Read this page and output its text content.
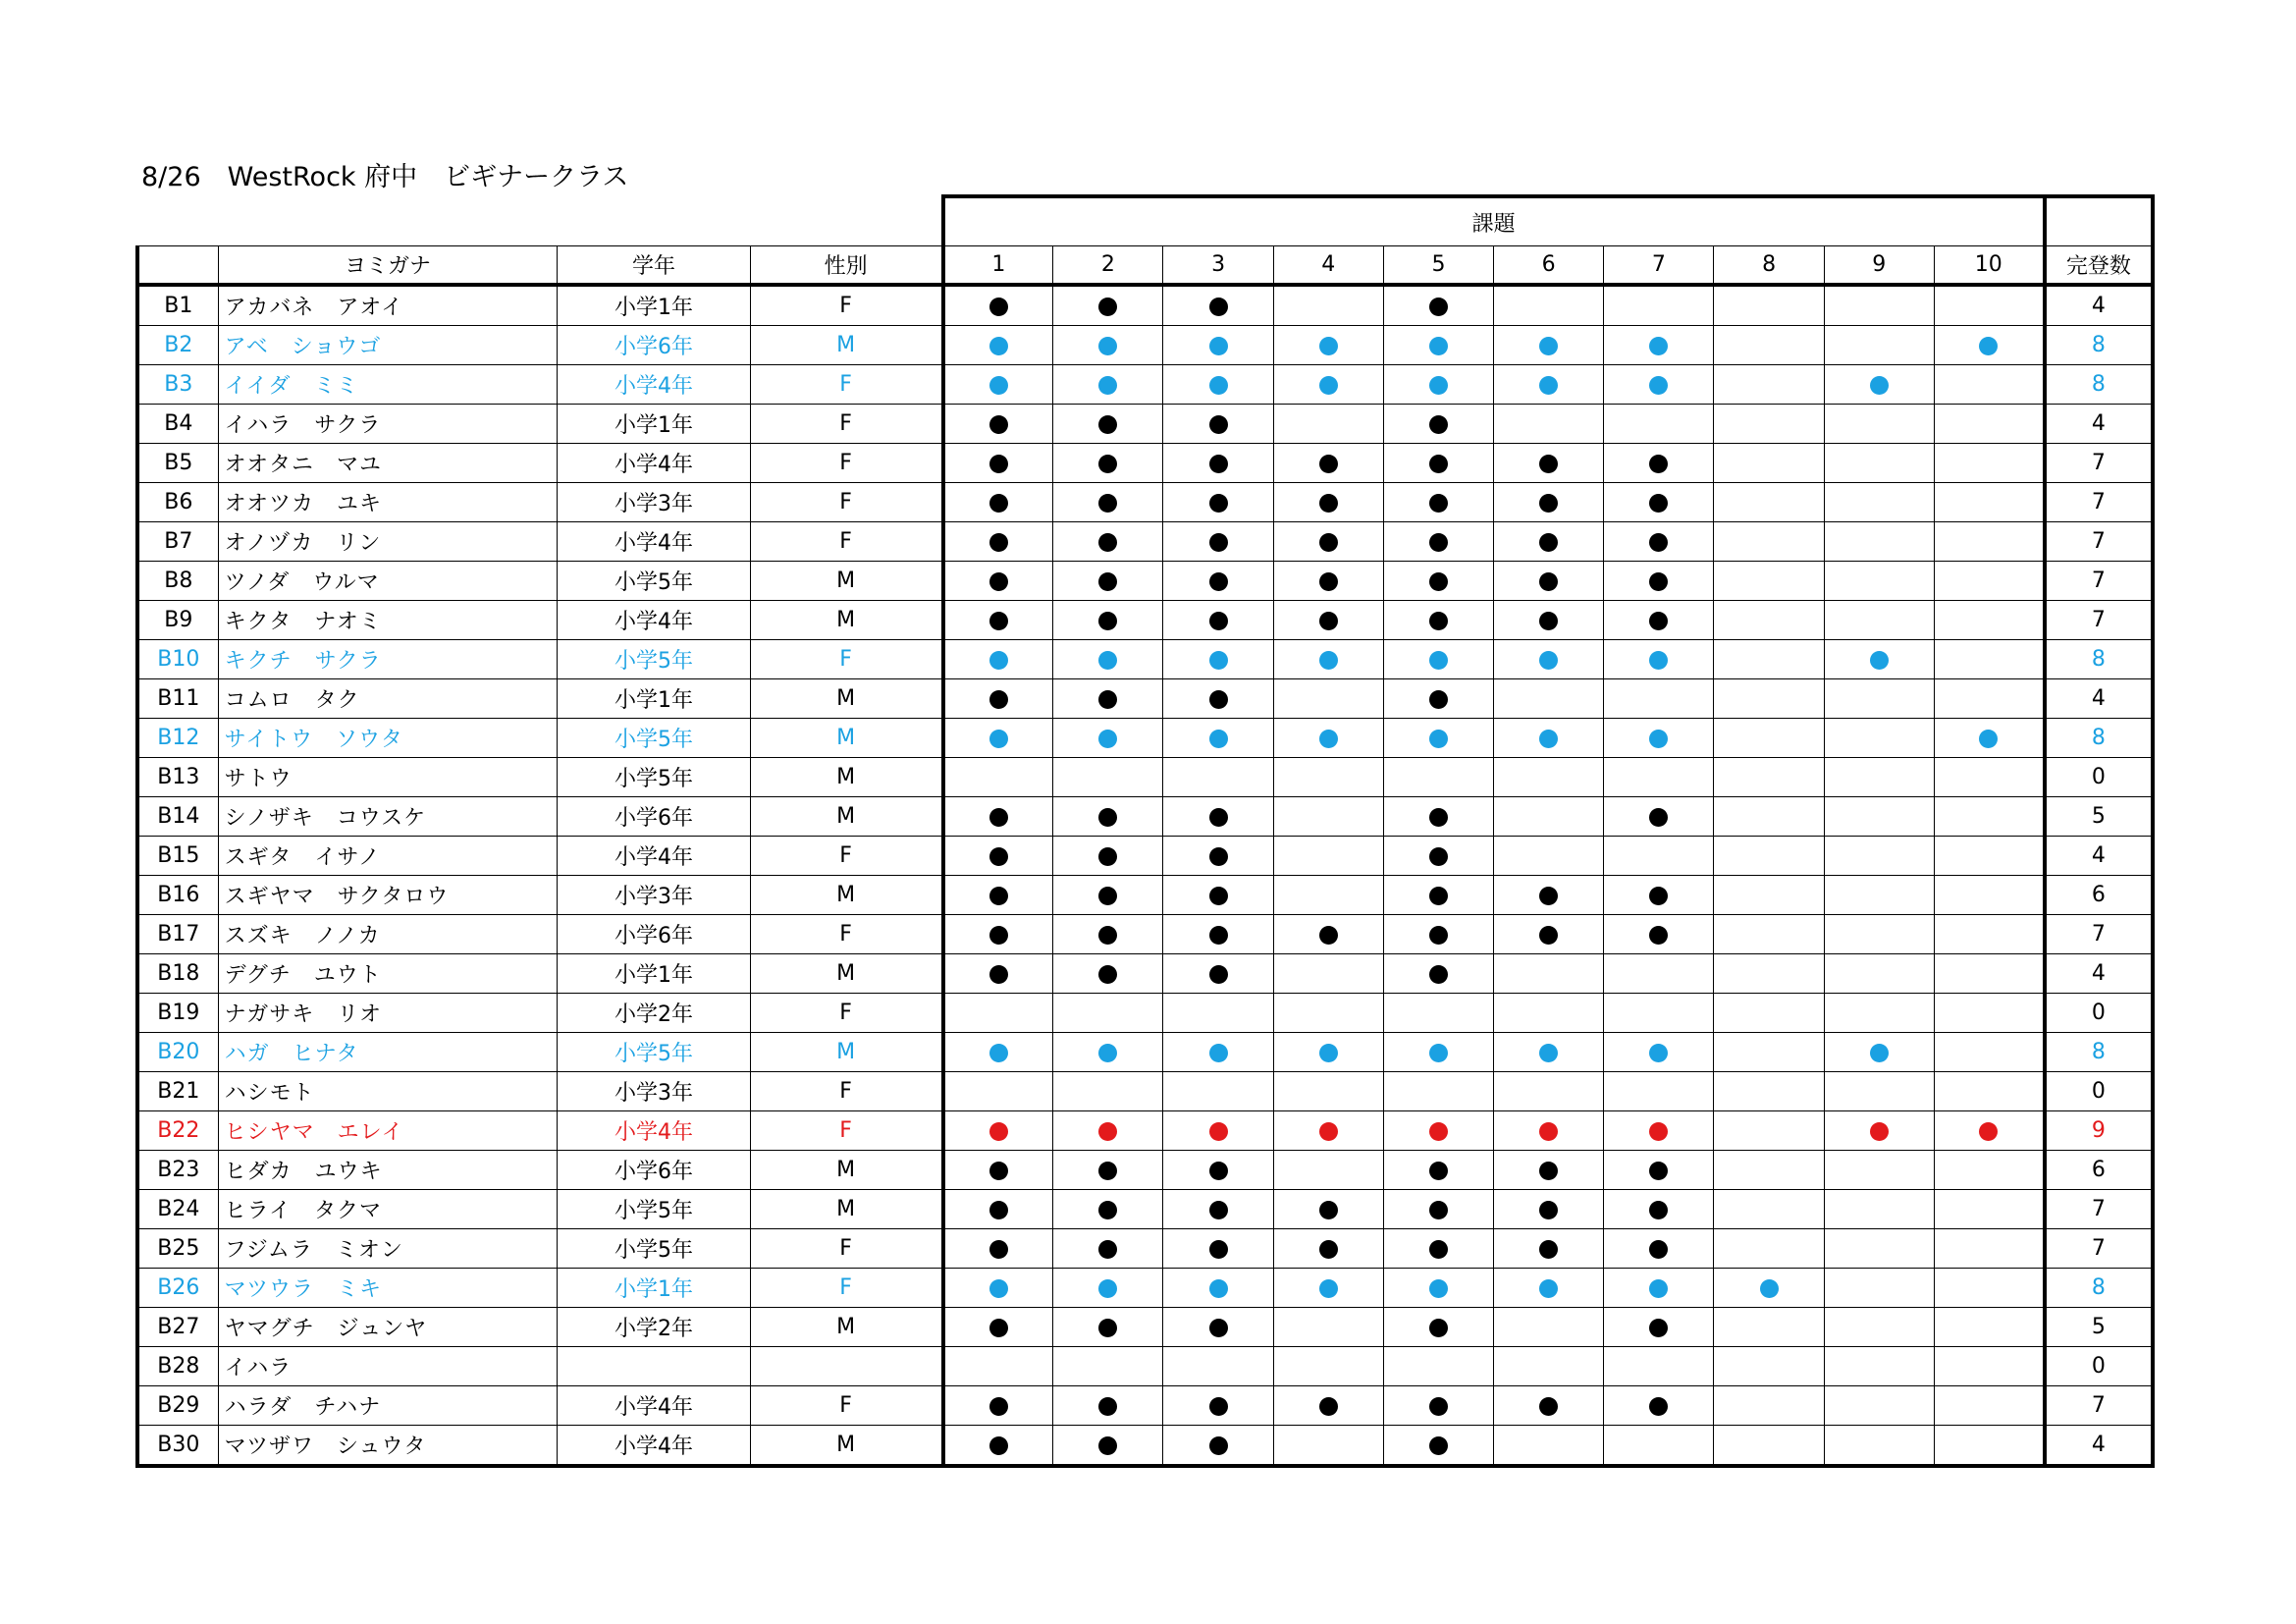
8/26　WestRock 府中　ビギナークラス
				課題										
	ヨミガナ	学年	性別	1	2	3	4	5	6	7	8	9	10	完登数
B1	アカバネ　アオイ	小学1年	F											4
B2	アベ　ショウゴ	小学6年	M											8
B3	イイダ　ミミ	小学4年	F											8
B4	イハラ　サクラ	小学1年	F											4
B5	オオタニ　マユ	小学4年	F											7
B6	オオツカ　ユキ	小学3年	F											7
B7	オノヅカ　リン	小学4年	F											7
B8	ツノダ　ウルマ	小学5年	M											7
B9	キクタ　ナオミ	小学4年	M											7
B10	キクチ　サクラ	小学5年	F											8
B11	コムロ　タク	小学1年	M											4
B12	サイトウ　ソウタ	小学5年	M											8
B13	サトウ	小学5年	M											0
B14	シノザキ　コウスケ	小学6年	M											5
B15	スギタ　イサノ	小学4年	F											4
B16	スギヤマ　サクタロウ	小学3年	M											6
B17	スズキ　ノノカ	小学6年	F											7
B18	デグチ　ユウト	小学1年	M											4
B19	ナガサキ　リオ	小学2年	F											0
B20	ハガ　ヒナタ	小学5年	M											8
B21	ハシモト	小学3年	F											0
B22	ヒシヤマ　エレイ	小学4年	F											9
B23	ヒダカ　ユウキ	小学6年	M											6
B24	ヒライ　タクマ	小学5年	M											7
B25	フジムラ　ミオン	小学5年	F											7
B26	マツウラ　ミキ	小学1年	F											8
B27	ヤマグチ　ジュンヤ	小学2年	M											5
B28	イハラ													0
B29	ハラダ　チハナ	小学4年	F											7
B30	マツザワ　シュウタ	小学4年	M											4
